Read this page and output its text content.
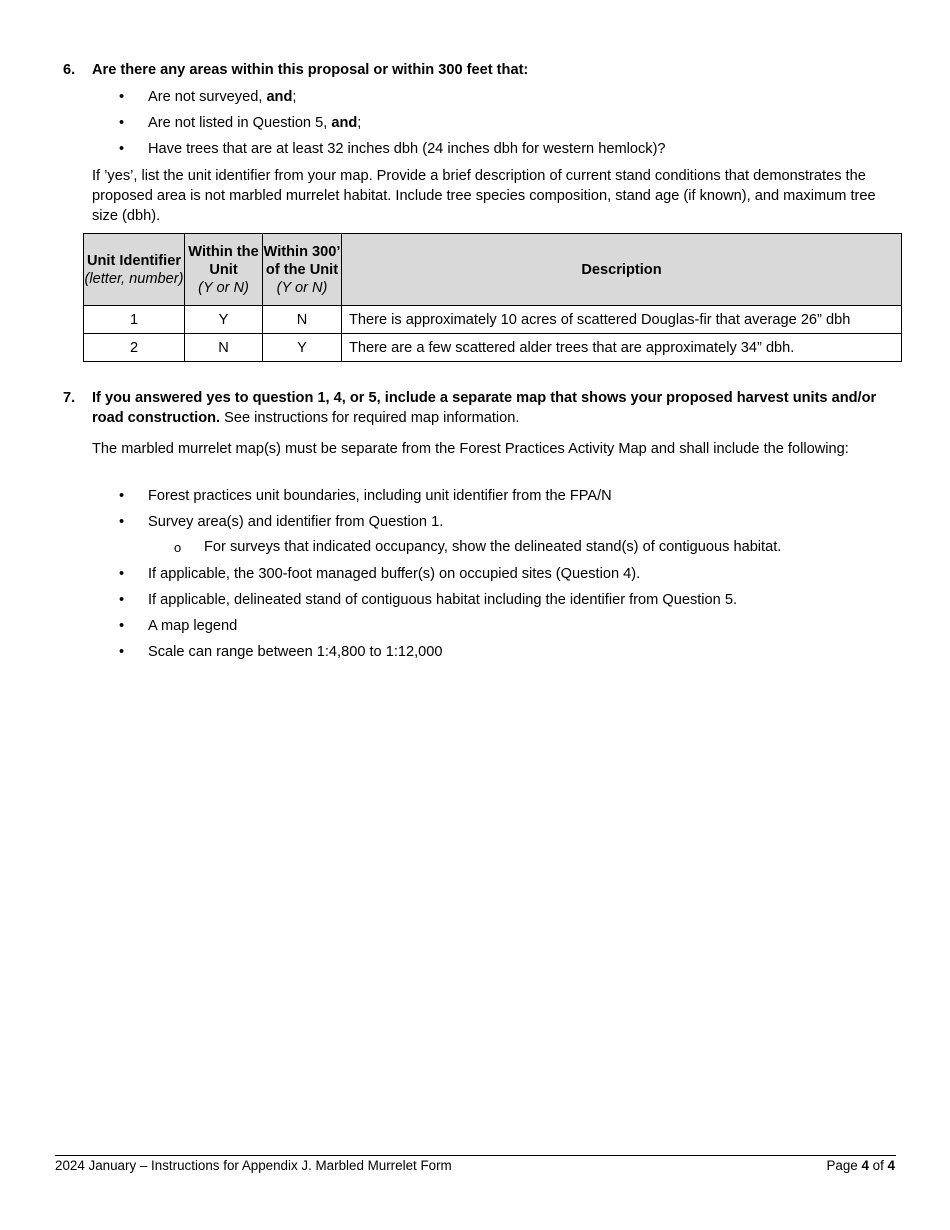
6. Are there any areas within this proposal or within 300 feet that:
• Are not surveyed, and;
• Are not listed in Question 5, and;
• Have trees that are at least 32 inches dbh (24 inches dbh for western hemlock)?
If ’yes’, list the unit identifier from your map. Provide a brief description of current stand conditions that demonstrates the proposed area is not marbled murrelet habitat. Include tree species composition, stand age (if known), and maximum tree size (dbh).
Unit Identifier
(letter, number)	Within the Unit
(Y or N)	Within 300’ of the Unit
(Y or N)	Description
1	Y	N	There is approximately 10 acres of scattered Douglas-fir that average 26” dbh
2	N	Y	There are a few scattered alder trees that are approximately 34” dbh.
7. If you answered yes to question 1, 4, or 5, include a separate map that shows your proposed harvest units and/or road construction. See instructions for required map information.
The marbled murrelet map(s) must be separate from the Forest Practices Activity Map and shall include the following:
• Forest practices unit boundaries, including unit identifier from the FPA/N
• Survey area(s) and identifier from Question 1.
o For surveys that indicated occupancy, show the delineated stand(s) of contiguous habitat.
• If applicable, the 300-foot managed buffer(s) on occupied sites (Question 4).
• If applicable, delineated stand of contiguous habitat including the identifier from Question 5.
• A map legend
• Scale can range between 1:4,800 to 1:12,000
2024 January – Instructions for Appendix J. Marbled Murrelet Form	Page 4 of 4
